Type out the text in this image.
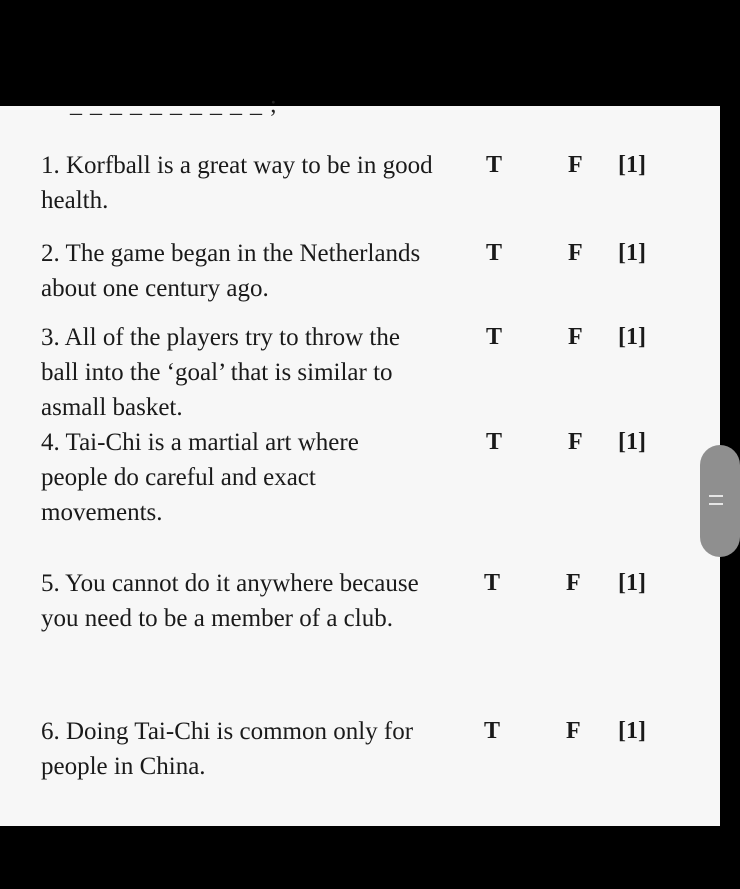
_ _ _ _ _ _ _ _ _ _ ;
1. Korfball is a great way to be in good health.
T	F [1]
2. The game began in the Netherlands about one century ago.
T	F [1]
3. All of the players try to throw the ball into the ‘goal’ that is similar to asmall basket.
T	F [1]
4. Tai-Chi is a martial art where people do careful and exact movements.
T	F [1]
5. You cannot do it anywhere because you need to be a member of a club.
T	F [1]
6. Doing Tai-Chi is common only for people in China.
T	F [1]
